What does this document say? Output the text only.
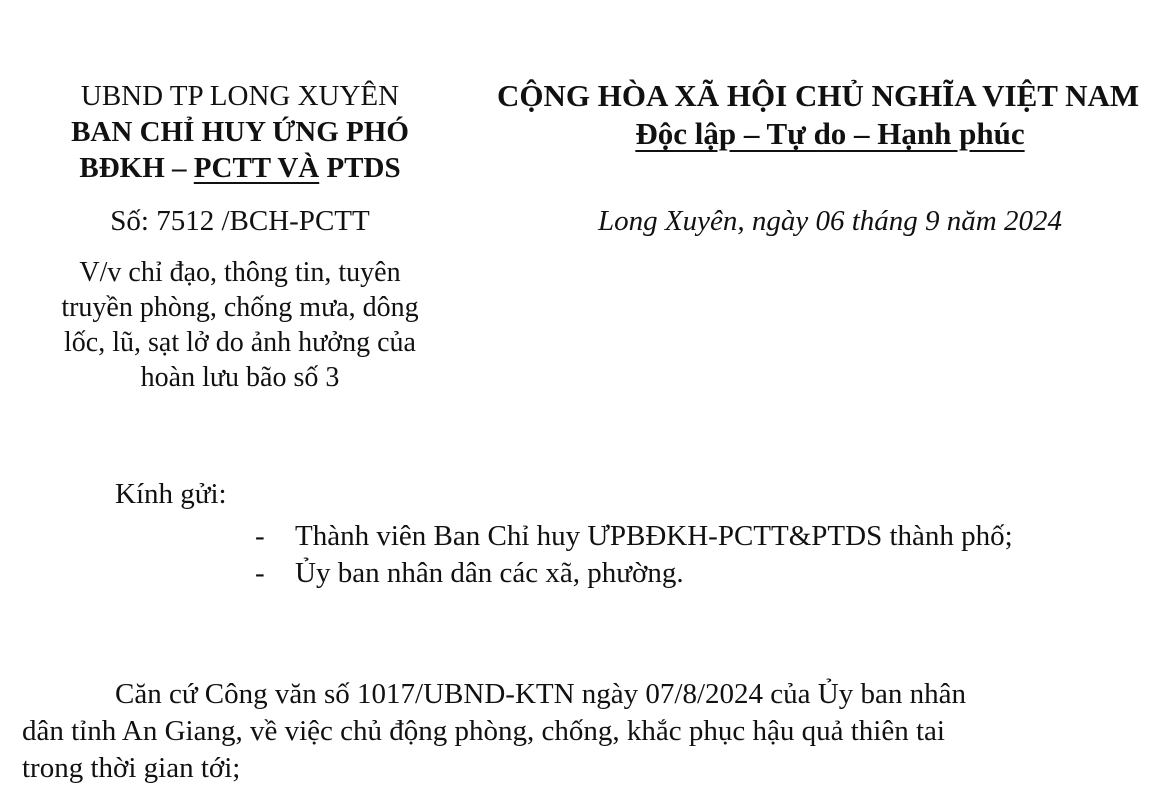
UBND TP LONG XUYÊN
BAN CHỈ HUY ỨNG PHÓ
BĐKH – PCTT VÀ PTDS
Số: 7512 /BCH-PCTT
V/v chỉ đạo, thông tin, tuyên
truyền phòng, chống mưa, dông
lốc, lũ, sạt lở do ảnh hưởng của
hoàn lưu bão số 3
CỘNG HÒA XÃ HỘI CHỦ NGHĨA VIỆT NAM
Độc lập – Tự do – Hạnh phúc
Long Xuyên, ngày 06 tháng 9 năm 2024
Kính gửi:
- Thành viên Ban Chỉ huy ƯPBĐKH-PCTT&PTDS thành phố;
- Ủy ban nhân dân các xã, phường.
Căn cứ Công văn số 1017/UBND-KTN ngày 07/8/2024 của Ủy ban nhân
dân tỉnh An Giang, về việc chủ động phòng, chống, khắc phục hậu quả thiên tai
trong thời gian tới;
